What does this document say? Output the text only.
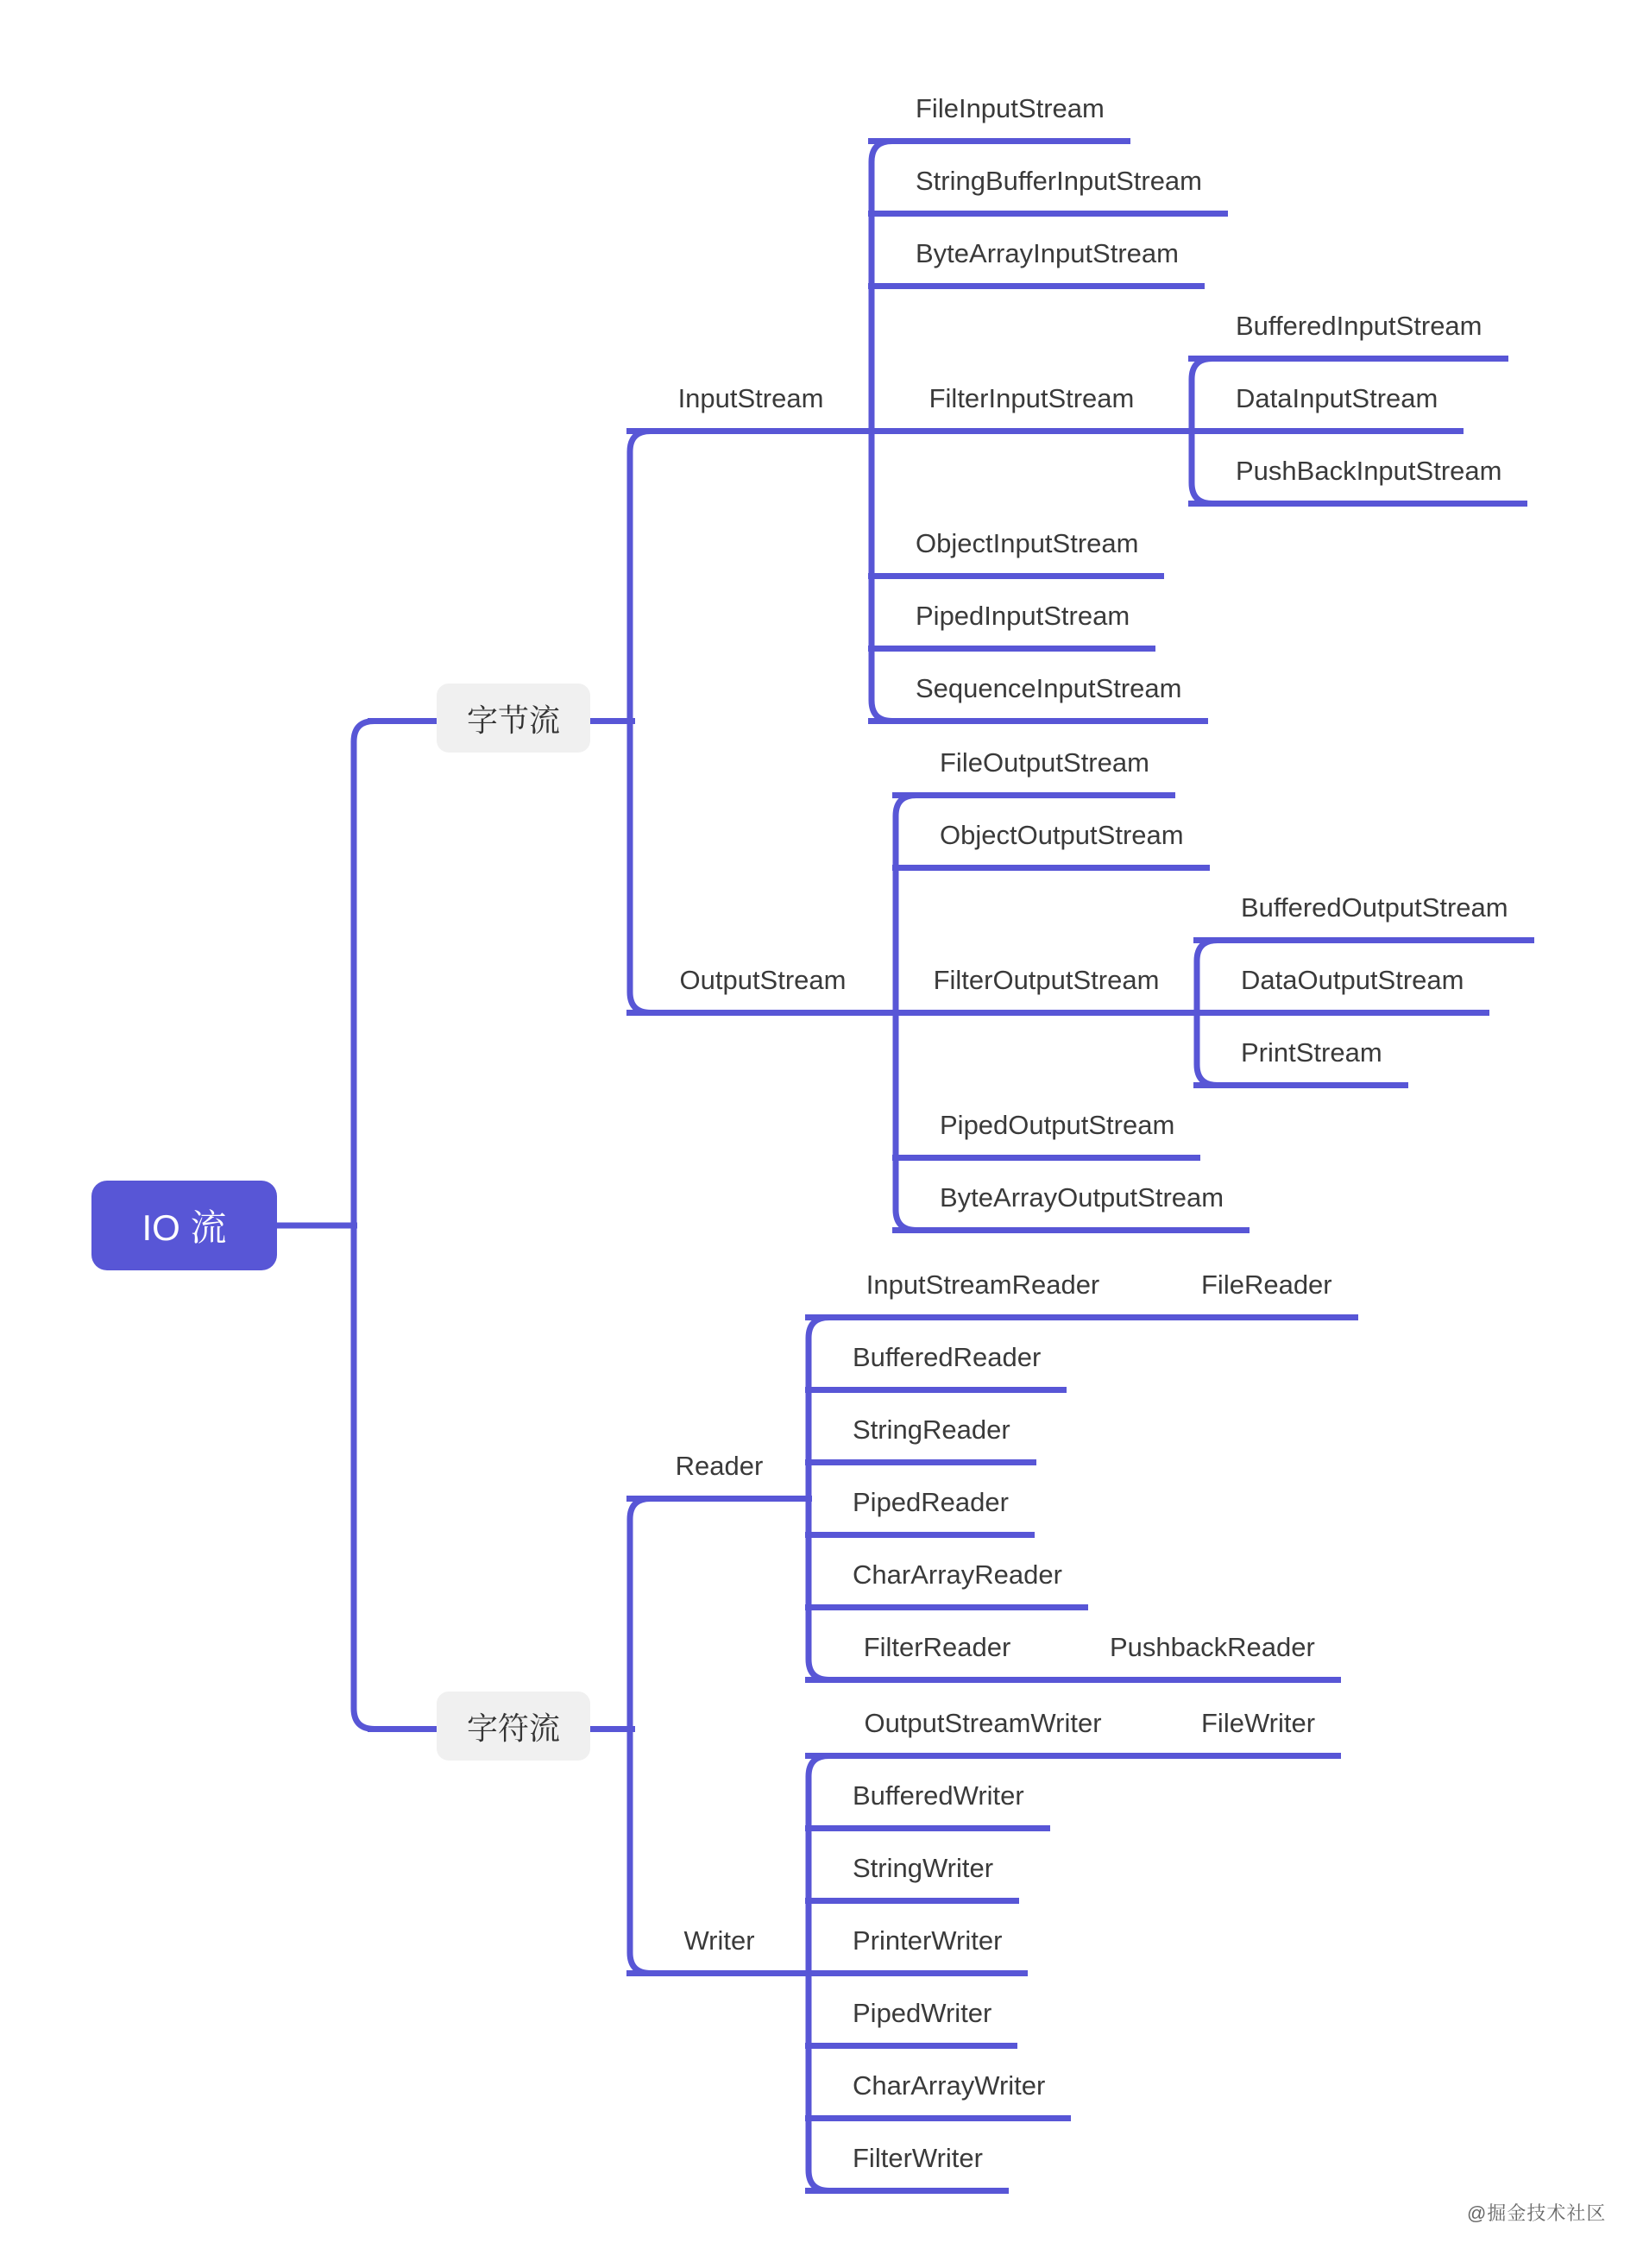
IO 流
字节流
字符流
InputStream
FileInputStream
StringBufferInputStream
ByteArrayInputStream
FilterInputStream
BufferedInputStream
DataInputStream
PushBackInputStream
ObjectInputStream
PipedInputStream
SequenceInputStream
OutputStream
FileOutputStream
ObjectOutputStream
FilterOutputStream
BufferedOutputStream
DataOutputStream
PrintStream
PipedOutputStream
ByteArrayOutputStream
Reader
InputStreamReader	FileReader
BufferedReader
StringReader
PipedReader
CharArrayReader
FilterReader	PushbackReader
Writer
OutputStreamWriter	FileWriter
BufferedWriter
StringWriter
PrinterWriter
PipedWriter
CharArrayWriter
FilterWriter
@掘金技术社区
